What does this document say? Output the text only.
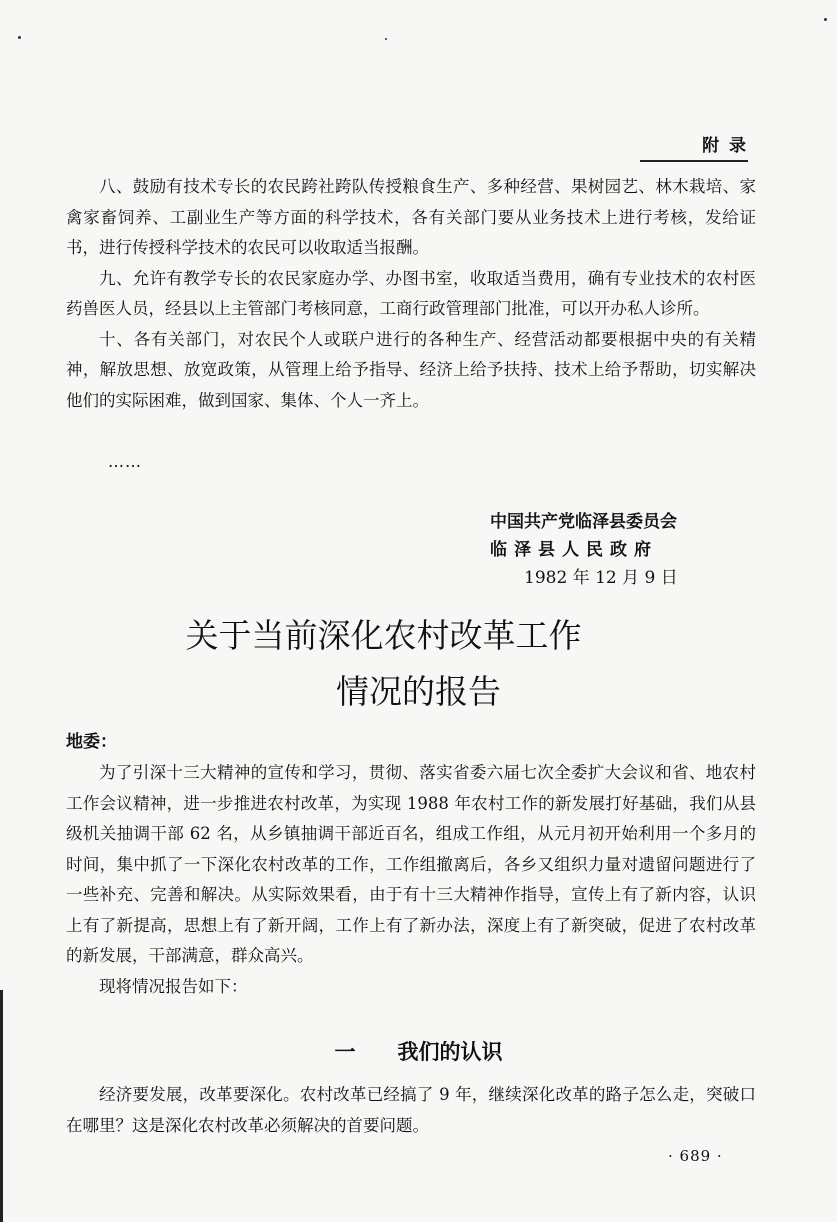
附 录

八、鼓励有技术专长的农民跨社跨队传授粮食生产、多种经营、果树园艺、林木栽培、家禽家畜饲养、工副业生产等方面的科学技术，各有关部门要从业务技术上进行考核，发给证书，进行传授科学技术的农民可以收取适当报酬。

九、允许有教学专长的农民家庭办学、办图书室，收取适当费用，确有专业技术的农村医药兽医人员，经县以上主管部门考核同意，工商行政管理部门批准，可以开办私人诊所。

十、各有关部门，对农民个人或联户进行的各种生产、经营活动都要根据中央的有关精神，解放思想、放宽政策，从管理上给予指导、经济上给予扶持、技术上给予帮助，切实解决他们的实际困难，做到国家、集体、个人一齐上。

……
中国共产党临泽县委员会
临泽县人民政府
1982 年 12 月 9 日
关于当前深化农村改革工作
情况的报告
地委：

为了引深十三大精神的宣传和学习，贯彻、落实省委六届七次全委扩大会议和省、地农村工作会议精神，进一步推进农村改革，为实现 1988 年农村工作的新发展打好基础，我们从县级机关抽调干部 62 名，从乡镇抽调干部近百名，组成工作组，从元月初开始利用一个多月的时间，集中抓了一下深化农村改革的工作，工作组撤离后，各乡又组织力量对遗留问题进行了一些补充、完善和解决。从实际效果看，由于有十三大精神作指导，宣传上有了新内容，认识上有了新提高，思想上有了新开阔，工作上有了新办法，深度上有了新突破，促进了农村改革的新发展，干部满意，群众高兴。

现将情况报告如下：

一 我们的认识

经济要发展，改革要深化。农村改革已经搞了 9 年，继续深化改革的路子怎么走，突破口在哪里？这是深化农村改革必须解决的首要问题。

· 689 ·
